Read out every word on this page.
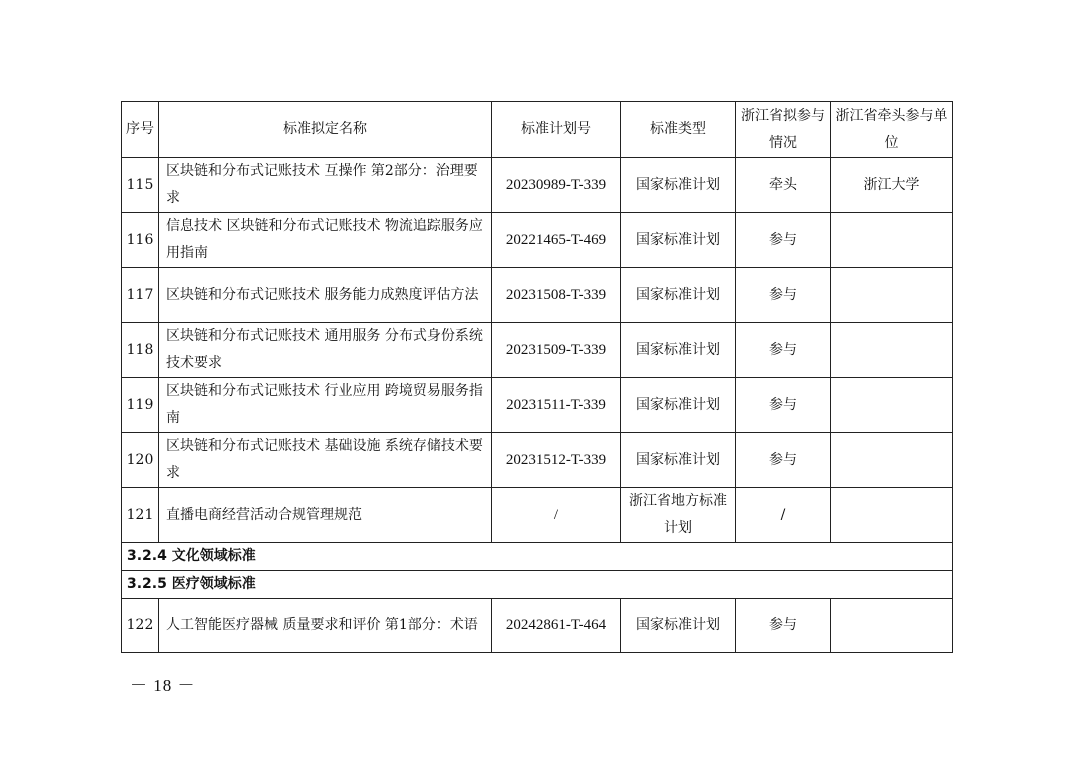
序号	标准拟定名称	标准计划号	标准类型	浙江省拟参与情况	浙江省牵头参与单位
115	区块链和分布式记账技术 互操作 第2部分：治理要求	20230989-T-339	国家标准计划	牵头	浙江大学
116	信息技术 区块链和分布式记账技术 物流追踪服务应用指南	20221465-T-469	国家标准计划	参与	
117	区块链和分布式记账技术 服务能力成熟度评估方法	20231508-T-339	国家标准计划	参与	
118	区块链和分布式记账技术 通用服务 分布式身份系统技术要求	20231509-T-339	国家标准计划	参与	
119	区块链和分布式记账技术 行业应用 跨境贸易服务指南	20231511-T-339	国家标准计划	参与	
120	区块链和分布式记账技术 基础设施 系统存储技术要求	20231512-T-339	国家标准计划	参与	
121	直播电商经营活动合规管理规范	/	浙江省地方标准计划	/	
3.2.4 文化领域标准					
3.2.5 医疗领域标准					
122	人工智能医疗器械 质量要求和评价 第1部分：术语	20242861-T-464	国家标准计划	参与	
－ 18 －
